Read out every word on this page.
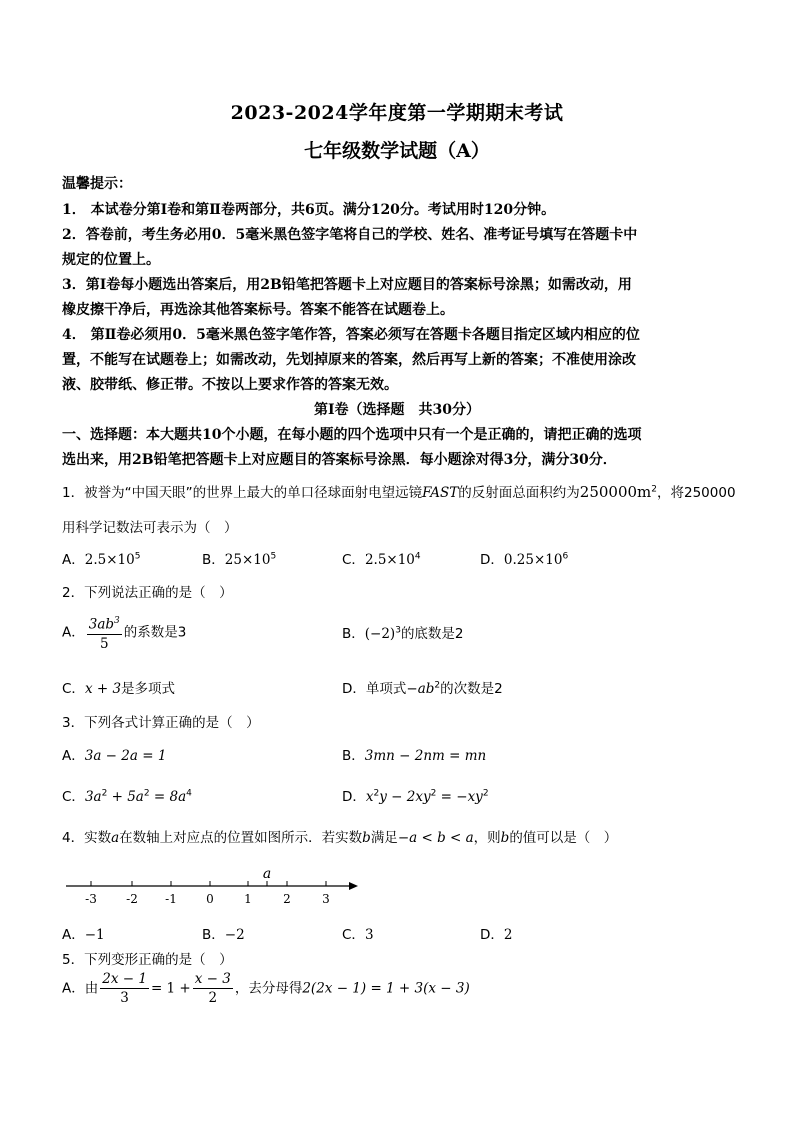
2023-2024学年度第一学期期末考试
七年级数学试题（A）
温馨提示：
1． 本试卷分第Ⅰ卷和第Ⅱ卷两部分，共6页。满分120分。考试用时120分钟。
2．答卷前，考生务必用0．5毫米黑色签字笔将自己的学校、姓名、准考证号填写在答题卡中
规定的位置上。
3．第Ⅰ卷每小题选出答案后，用2B铅笔把答题卡上对应题目的答案标号涂黑；如需改动，用
橡皮擦干净后，再选涂其他答案标号。答案不能答在试题卷上。
4． 第Ⅱ卷必须用0．5毫米黑色签字笔作答，答案必须写在答题卡各题目指定区域内相应的位
置，不能写在试题卷上；如需改动，先划掉原来的答案，然后再写上新的答案；不准使用涂改
液、胶带纸、修正带。不按以上要求作答的答案无效。
第Ⅰ卷（选择题　共30分）
一、选择题：本大题共10个小题，在每小题的四个选项中只有一个是正确的，请把正确的选项
选出来，用2B铅笔把答题卡上对应题目的答案标号涂黑．每小题涂对得3分，满分30分．
1．被誉为“中国天眼”的世界上最大的单口径球面射电望远镜FAST的反射面总面积约为$250000m^2$，将250000
用科学记数法可表示为（　）
A．$2.5\times 10^5$	B．$25\times 10^5$	C．$2.5\times 10^4$	D．$0.25\times 10^6$
2．下列说法正确的是（　）
A． $\frac{3ab^3}{5}$ 的系数是3	B．$(-2)^3$的底数是2
C．x + 3是多项式	D．单项式$-ab^2$的次数是2
3．下列各式计算正确的是（　）
A．3a − 2a = 1	B．3mn − 2nm = mn
C．$3a^2 + 5a^2 = 8a^4$	D．$x^2y - 2xy^2 = -xy^2$
4．实数a在数轴上对应点的位置如图所示．若实数b满足−a < b < a，则b的值可以是（　）
a
-3 -2 -1 0	1	2	3
A．−1	B．−2	C．3	D．2
5．下列变形正确的是（　）
A．由 $\frac{2x - 1}{3} = 1 + \frac{x - 3}{2}$ ，去分母得2(2x − 1) = 1 + 3(x − 3)
